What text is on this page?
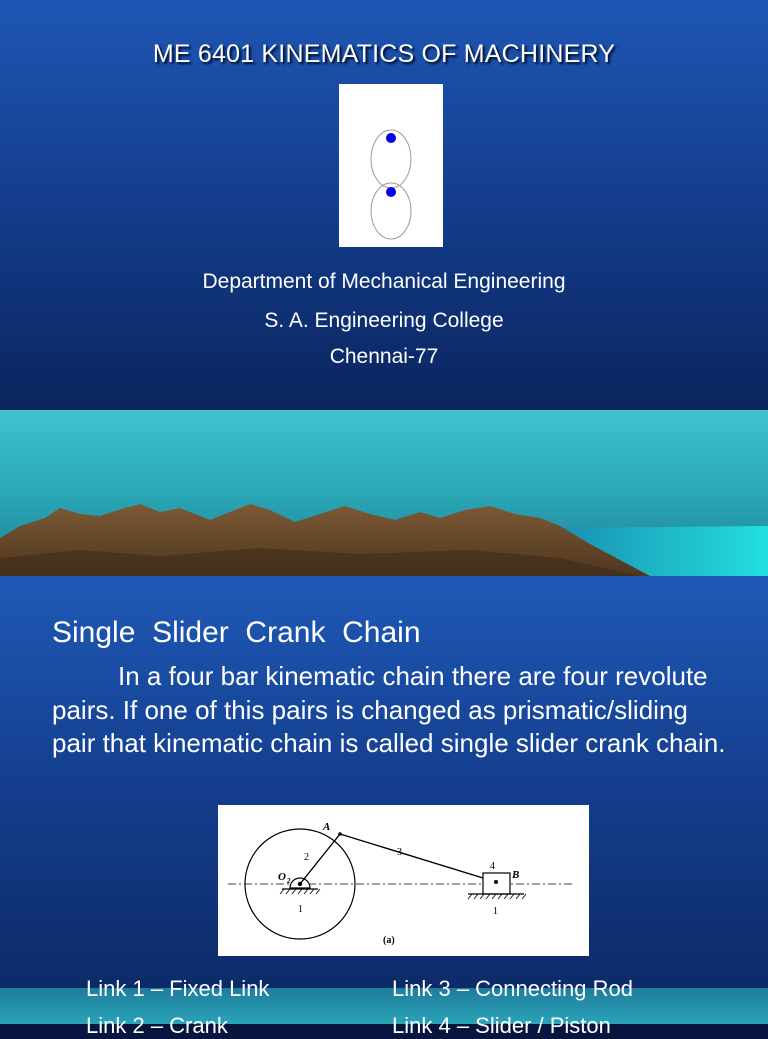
ME 6401 KINEMATICS OF MACHINERY
Department of Mechanical Engineering
S. A. Engineering College
Chennai-77
Single  Slider  Crank  Chain
In a four bar kinematic chain there are four revolute pairs. If one of this pairs is changed as prismatic/sliding pair that kinematic chain is called single slider crank chain.
A
B
O 2
2	3
4
1	1
(a)
Link 1 – Fixed Link	Link 3 – Connecting Rod
Link 2 – Crank	Link 4 – Slider / Piston
